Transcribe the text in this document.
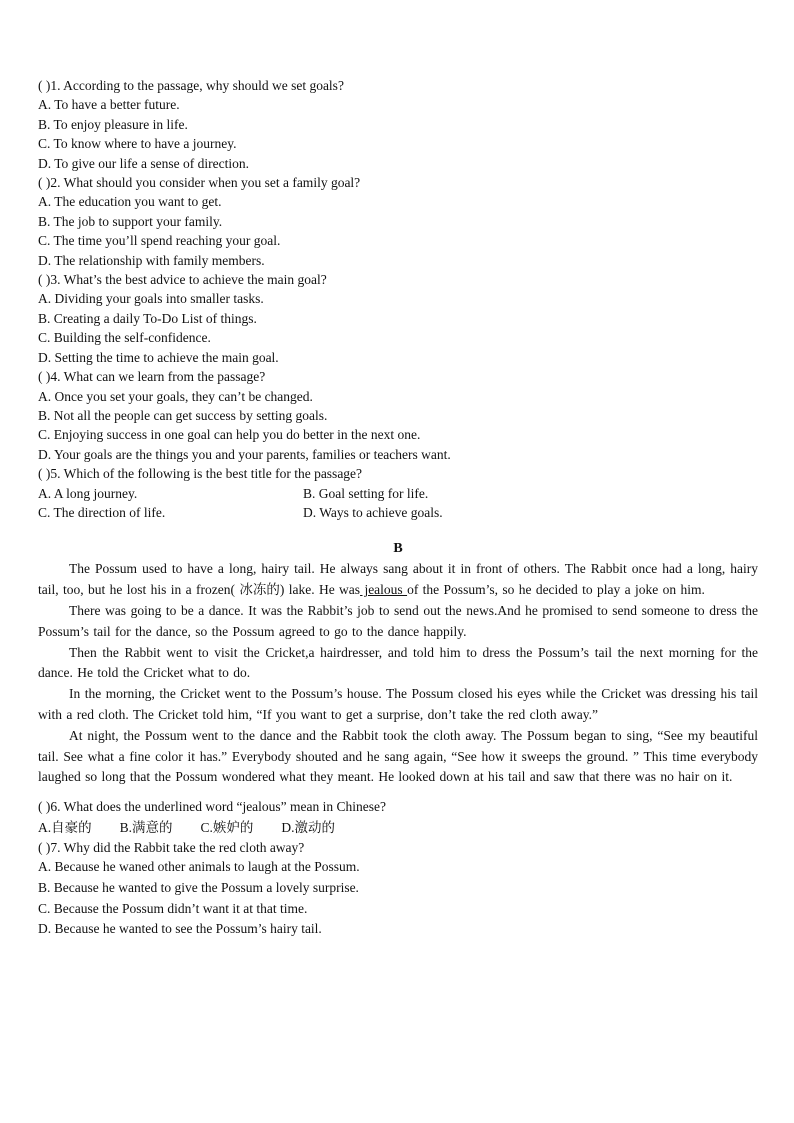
( )1. According to the passage, why should we set goals?

A. To have a better future.

B. To enjoy pleasure in life.

C. To know where to have a journey.

D. To give our life a sense of direction.

( )2. What should you consider when you set a family goal?

A. The education you want to get.

B. The job to support your family.

C. The time you’ll spend reaching your goal.

D. The relationship with family members.

( )3. What’s the best advice to achieve the main goal?

A. Dividing your goals into smaller tasks.

B. Creating a daily To-Do List of things.

C. Building the self-confidence.

D. Setting the time to achieve the main goal.

( )4. What can we learn from the passage?

A. Once you set your goals, they can’t be changed.

B. Not all the people can get success by setting goals.

C. Enjoying success in one goal can help you do better in the next one.

D. Your goals are the things you and your parents, families or teachers want.

( )5. Which of the following is the best title for the passage?

A. A long journey.	B. Goal setting for life.
C. The direction of life.	D. Ways to achieve goals.
B

The Possum used to have a long, hairy tail. He always sang about it in front of others. The Rabbit once had a long, hairy tail, too, but he lost his in a frozen( 冰冻的) lake. He was jealous of the Possum’s, so he decided to play a joke on him.

There was going to be a dance. It was the Rabbit’s job to send out the news.And he promised to send someone to dress the Possum’s tail for the dance, so the Possum agreed to go to the dance happily.

Then the Rabbit went to visit the Cricket,a hairdresser, and told him to dress the Possum’s tail the next morning for the dance. He told the Cricket what to do.

In the morning, the Cricket went to the Possum’s house. The Possum closed his eyes while the Cricket was dressing his tail with a red cloth. The Cricket told him, “If you want to get a surprise, don’t take the red cloth away.”

At night, the Possum went to the dance and the Rabbit took the cloth away. The Possum began to sing, “See my beautiful tail. See what a fine color it has.” Everybody shouted and he sang again, “See how it sweeps the ground. ” This time everybody laughed so long that the Possum wondered what they meant. He looked down at his tail and saw that there was no hair on it.

( )6. What does the underlined word “jealous” mean in Chinese?

A.自豪的 B.满意的 C.嫉妒的 D.激动的

( )7. Why did the Rabbit take the red cloth away?

A. Because he waned other animals to laugh at the Possum.

B. Because he wanted to give the Possum a lovely surprise.

C. Because the Possum didn’t want it at that time.

D. Because he wanted to see the Possum’s hairy tail.
